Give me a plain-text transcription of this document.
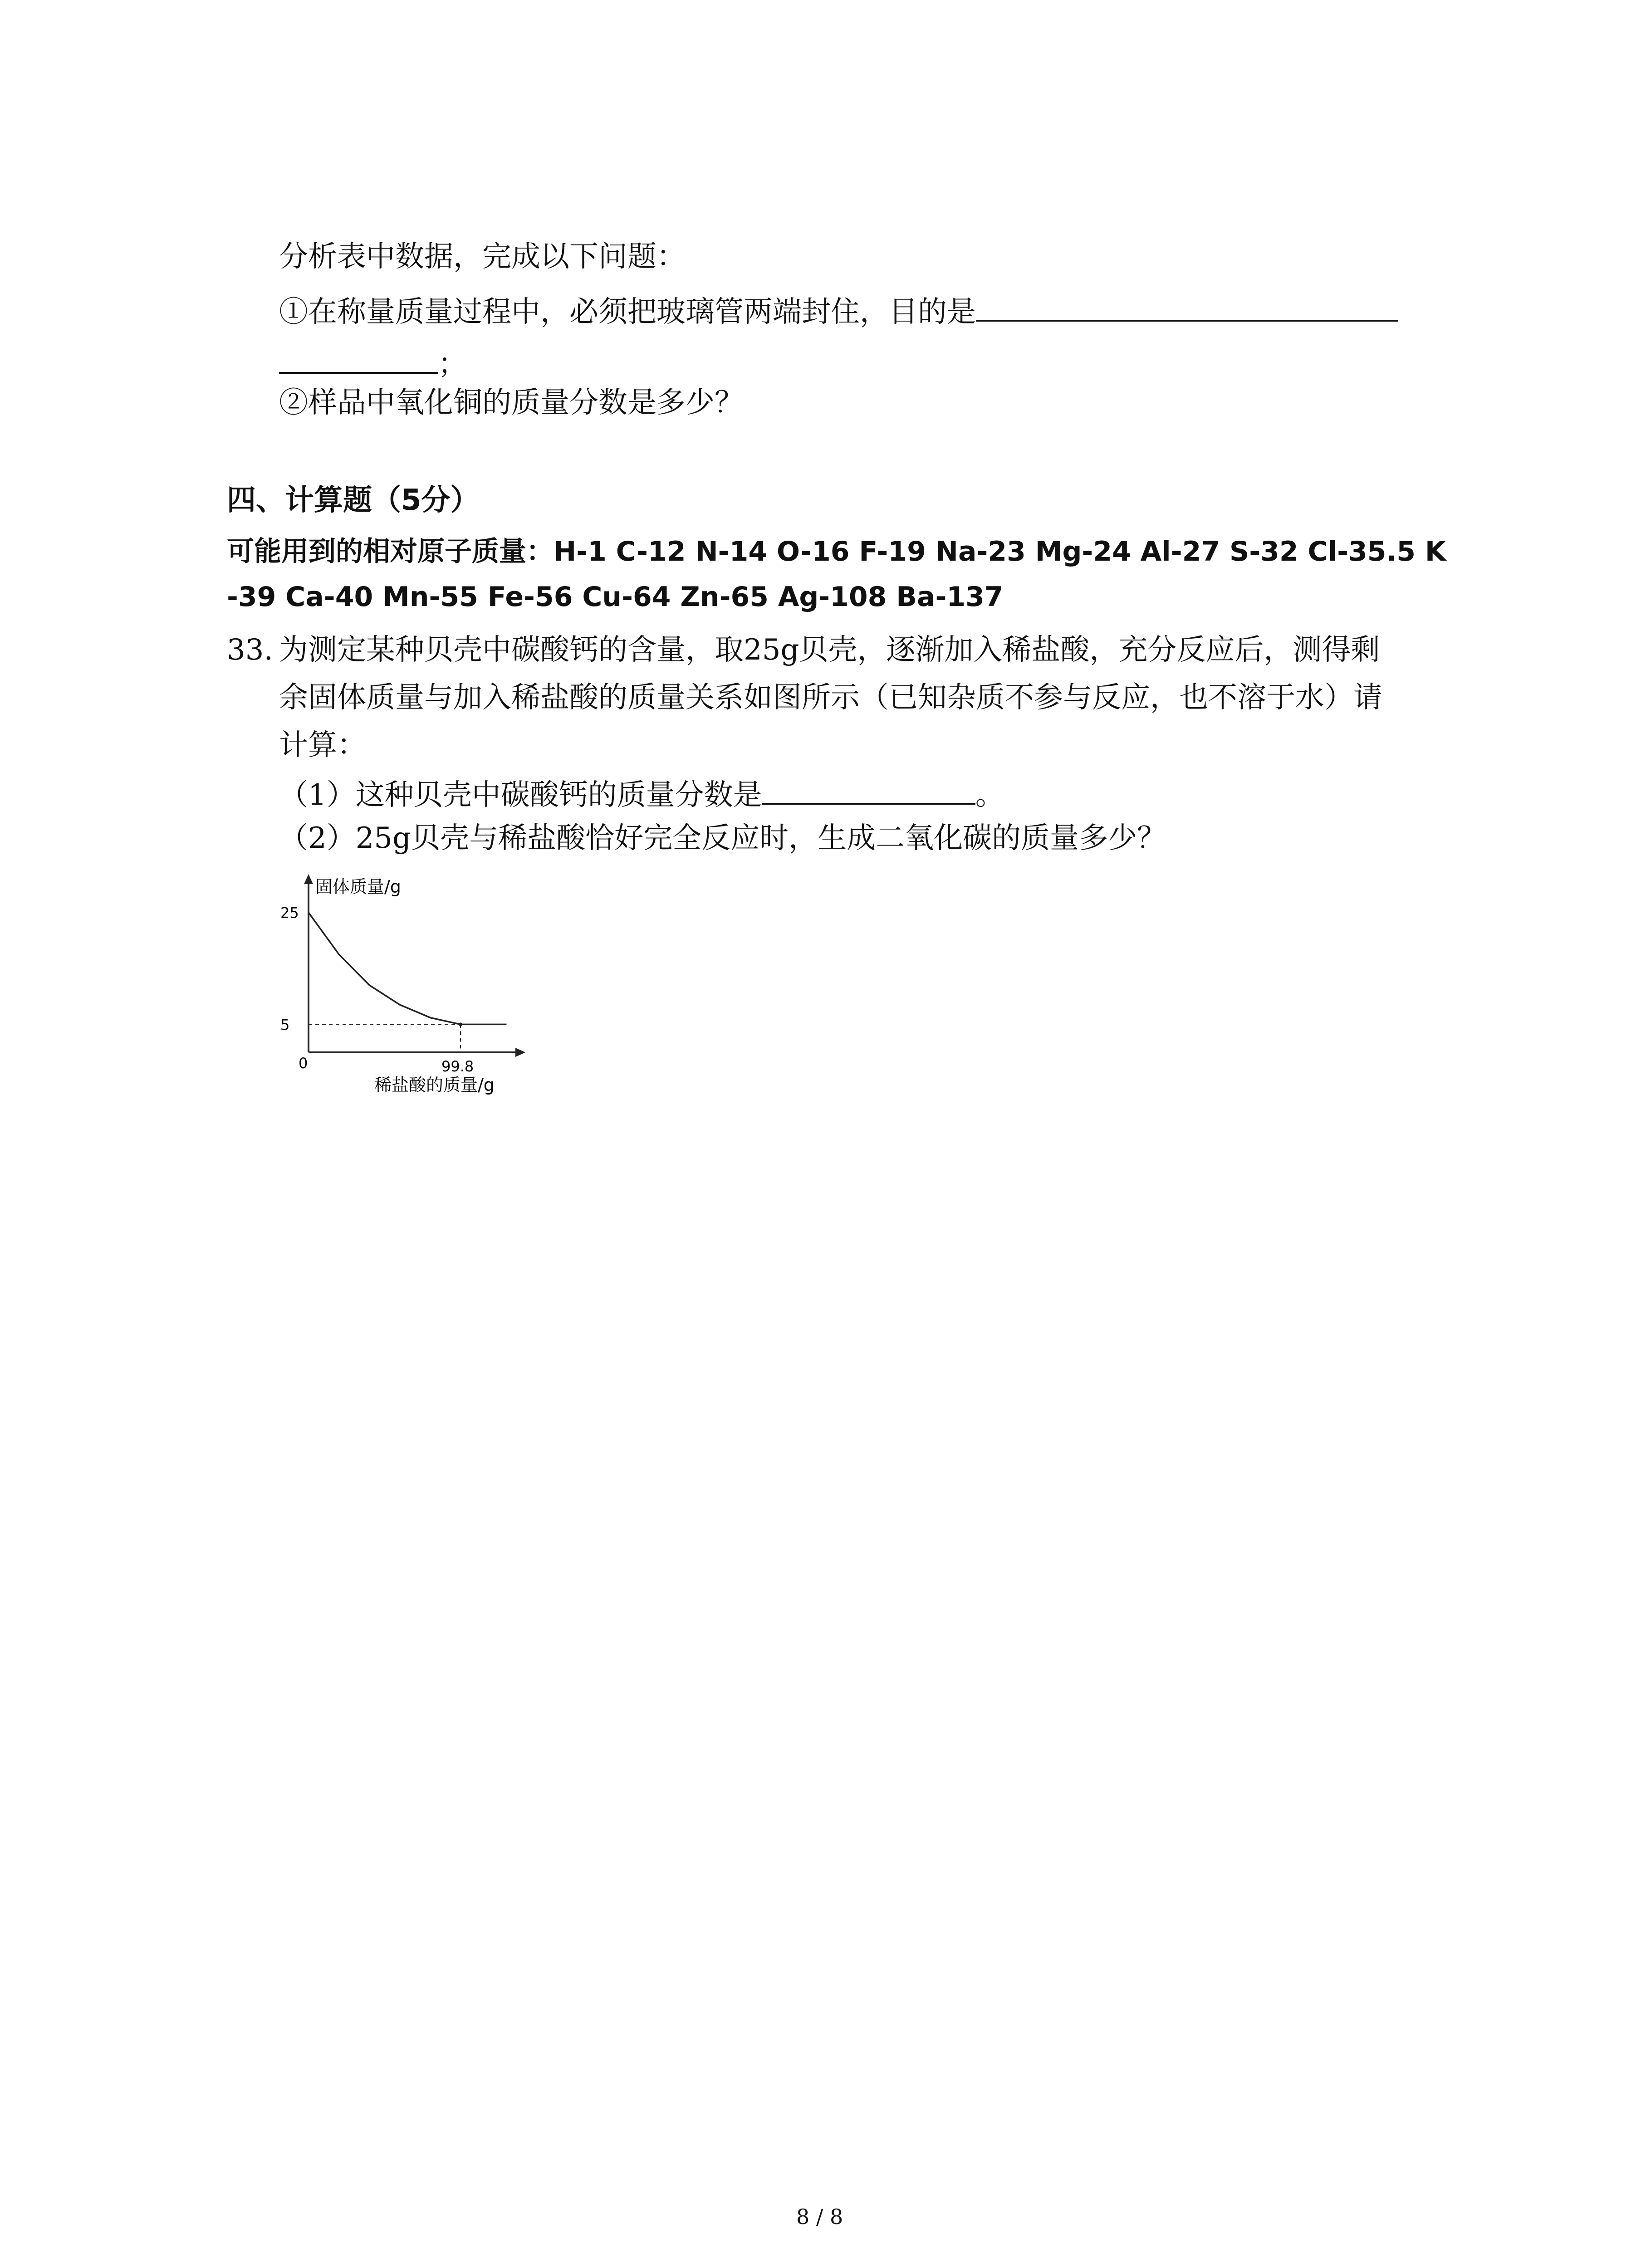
分析表中数据，完成以下问题：
①在称量质量过程中，必须把玻璃管两端封住，目的是
；
②样品中氧化铜的质量分数是多少？
四、计算题（5分）
可能用到的相对原子质量：H-1 C-12 N-14 O-16 F-19 Na-23 Mg-24 Al-27 S-32 Cl-35.5 K
-39 Ca-40 Mn-55 Fe-56 Cu-64 Zn-65 Ag-108 Ba-137
33. 为测定某种贝壳中碳酸钙的含量，取25g贝壳，逐渐加入稀盐酸，充分反应后，测得剩
余固体质量与加入稀盐酸的质量关系如图所示（已知杂质不参与反应，也不溶于水）请
计算：
（1）这种贝壳中碳酸钙的质量分数是	。
（2）25g贝壳与稀盐酸恰好完全反应时，生成二氧化碳的质量多少？
固体质量/g
稀盐酸的质量/g
0
25
5
99.8
8 / 8
